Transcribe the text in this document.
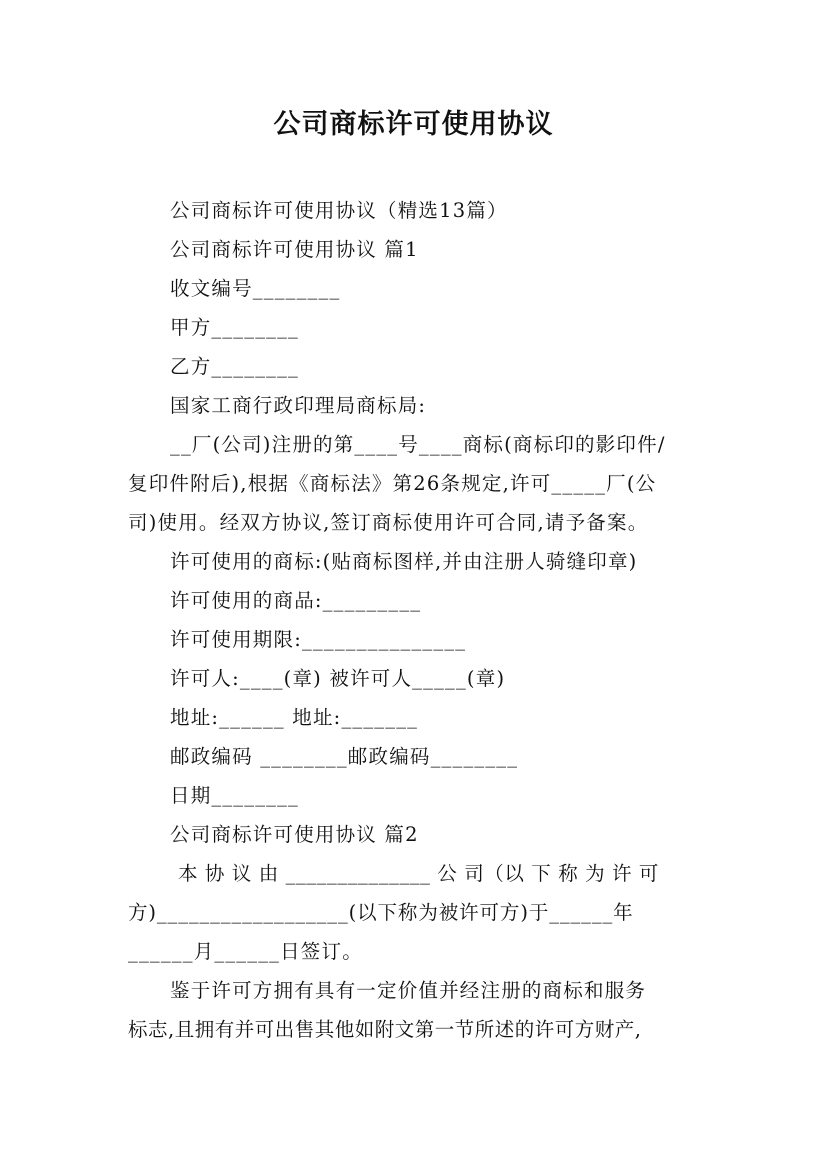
公司商标许可使用协议
公司商标许可使用协议（精选13篇）
公司商标许可使用协议 篇1
收文编号________
甲方________
乙方________
国家工商行政印理局商标局:
__厂(公司)注册的第____号____商标(商标印的影印件/
复印件附后),根据《商标法》第26条规定,许可_____厂(公
司)使用。经双方协议,签订商标使用许可合同,请予备案。
许可使用的商标:(贴商标图样,并由注册人骑缝印章)
许可使用的商品:_________
许可使用期限:_______________
许可人:____(章) 被许可人_____(章)
地址:______ 地址:_______
邮政编码 ________邮政编码________
日期________
公司商标许可使用协议 篇2
本 协 议 由 ______________ 公 司（以 下 称 为 许 可
方)__________________(以下称为被许可方)于______年
______月______日签订。
鉴于许可方拥有具有一定价值并经注册的商标和服务
标志,且拥有并可出售其他如附文第一节所述的许可方财产,
